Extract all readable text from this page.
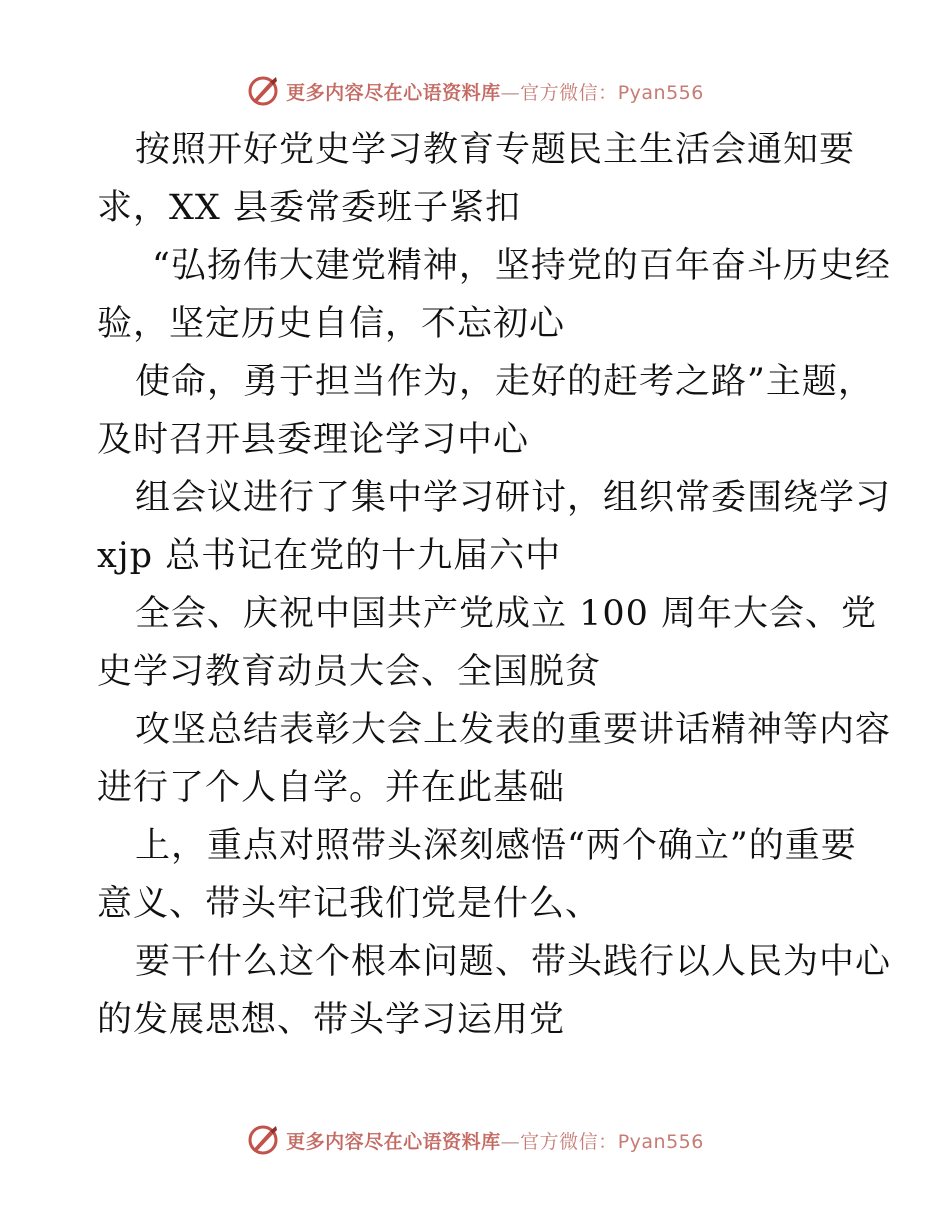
更多内容尽在心语资料库—官方微信：Pyan556
按照开好党史学习教育专题民主生活会通知要
求，XX 县委常委班子紧扣
“弘扬伟大建党精神，坚持党的百年奋斗历史经
验，坚定历史自信，不忘初心
使命，勇于担当作为，走好的赶考之路”主题，
及时召开县委理论学习中心
组会议进行了集中学习研讨，组织常委围绕学习
xjp 总书记在党的十九届六中
全会、庆祝中国共产党成立 100 周年大会、党
史学习教育动员大会、全国脱贫
攻坚总结表彰大会上发表的重要讲话精神等内容
进行了个人自学。并在此基础
上，重点对照带头深刻感悟“两个确立”的重要
意义、带头牢记我们党是什么、
要干什么这个根本问题、带头践行以人民为中心
的发展思想、带头学习运用党
更多内容尽在心语资料库—官方微信：Pyan556
